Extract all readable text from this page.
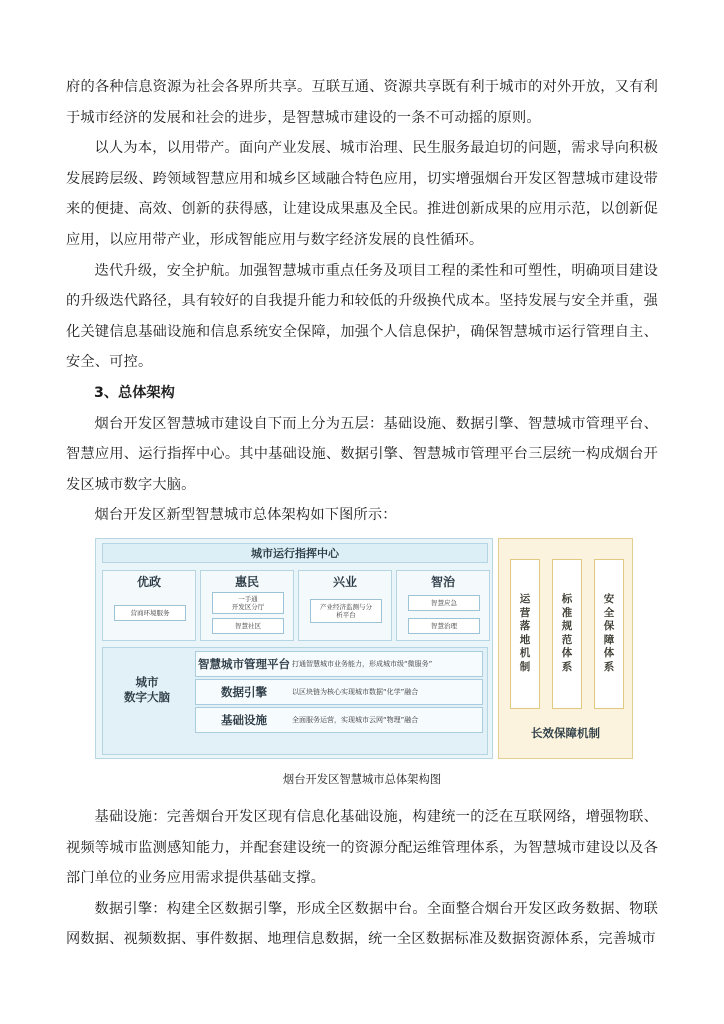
府的各种信息资源为社会各界所共享。互联互通、资源共享既有利于城市的对外开放，又有利于城市经济的发展和社会的进步，是智慧城市建设的一条不可动摇的原则。

以人为本，以用带产。面向产业发展、城市治理、民生服务最迫切的问题，需求导向积极发展跨层级、跨领域智慧应用和城乡区域融合特色应用，切实增强烟台开发区智慧城市建设带来的便捷、高效、创新的获得感，让建设成果惠及全民。推进创新成果的应用示范，以创新促应用，以应用带产业，形成智能应用与数字经济发展的良性循环。

迭代升级，安全护航。加强智慧城市重点任务及项目工程的柔性和可塑性，明确项目建设的升级迭代路径，具有较好的自我提升能力和较低的升级换代成本。坚持发展与安全并重，强化关键信息基础设施和信息系统安全保障，加强个人信息保护，确保智慧城市运行管理自主、安全、可控。

3、总体架构

烟台开发区智慧城市建设自下而上分为五层：基础设施、数据引擎、智慧城市管理平台、智慧应用、运行指挥中心。其中基础设施、数据引擎、智慧城市管理平台三层统一构成烟台开发区城市数字大脑。

烟台开发区新型智慧城市总体架构如下图所示：

城市运行指挥中心
优政
营商环境服务
惠民
一手通
开发区分厅
智慧社区
兴业
产业经济监测与分
析平台
智治
智慧应急
智慧治理
城市
数字大脑
智慧城市管理平台 打通智慧城市业务能力，形成城市级“微服务”
数据引擎	以区块链为核心实现城市数据“化学”融合
基础设施	全面服务运营，实现城市云网“物理”融合
运
营
落
地
机
制
标
准
规
范
体
系
安
全
保
障
体
系
长效保障机制
烟台开发区智慧城市总体架构图

基础设施：完善烟台开发区现有信息化基础设施，构建统一的泛在互联网络，增强物联、视频等城市监测感知能力，并配套建设统一的资源分配运维管理体系，为智慧城市建设以及各部门单位的业务应用需求提供基础支撑。

数据引擎：构建全区数据引擎，形成全区数据中台。全面整合烟台开发区政务数据、物联网数据、视频数据、事件数据、地理信息数据，统一全区数据标准及数据资源体系，完善城市
